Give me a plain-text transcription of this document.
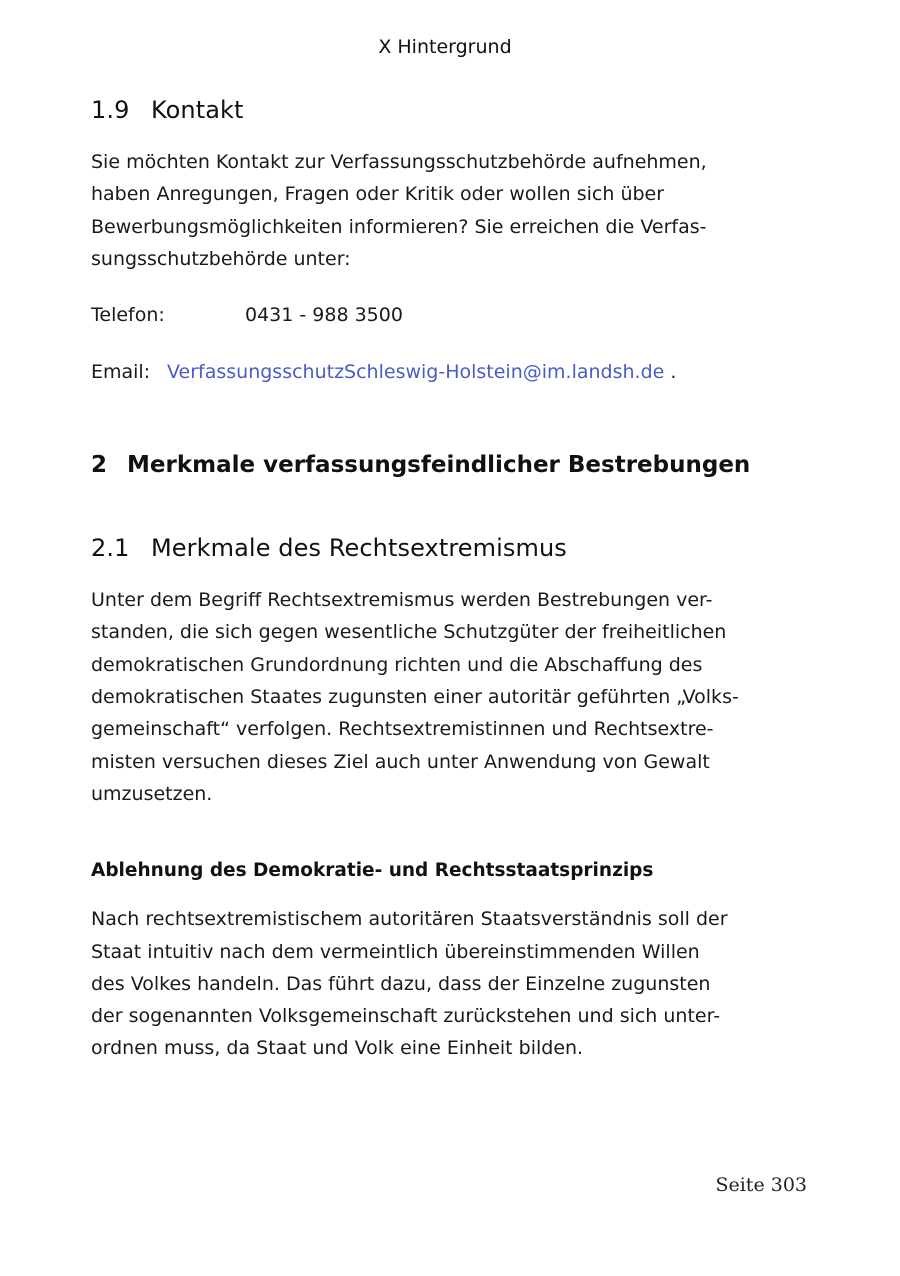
X Hintergrund
1.9 Kontakt

Sie möchten Kontakt zur Verfassungsschutzbehörde aufnehmen,
haben Anregungen, Fragen oder Kritik oder wollen sich über
Bewerbungsmöglichkeiten informieren? Sie erreichen die Verfas-
sungsschutzbehörde unter:

Telefon:	0431 - 988 3500
Email: VerfassungsschutzSchleswig-Holstein@im.landsh.de .
2 Merkmale verfassungsfeindlicher Bestrebungen
2.1 Merkmale des Rechtsextremismus

Unter dem Begriff Rechtsextremismus werden Bestrebungen ver-
standen, die sich gegen wesentliche Schutzgüter der freiheitlichen
demokratischen Grundordnung richten und die Abschaffung des
demokratischen Staates zugunsten einer autoritär geführten „Volks-
gemeinschaft“ verfolgen. Rechtsextremistinnen und Rechtsextre-
misten versuchen dieses Ziel auch unter Anwendung von Gewalt
umzusetzen.

Ablehnung des Demokratie- und Rechtsstaatsprinzips

Nach rechtsextremistischem autoritären Staatsverständnis soll der
Staat intuitiv nach dem vermeintlich übereinstimmenden Willen
des Volkes handeln. Das führt dazu, dass der Einzelne zugunsten
der sogenannten Volksgemeinschaft zurückstehen und sich unter-
ordnen muss, da Staat und Volk eine Einheit bilden.

Seite 303
